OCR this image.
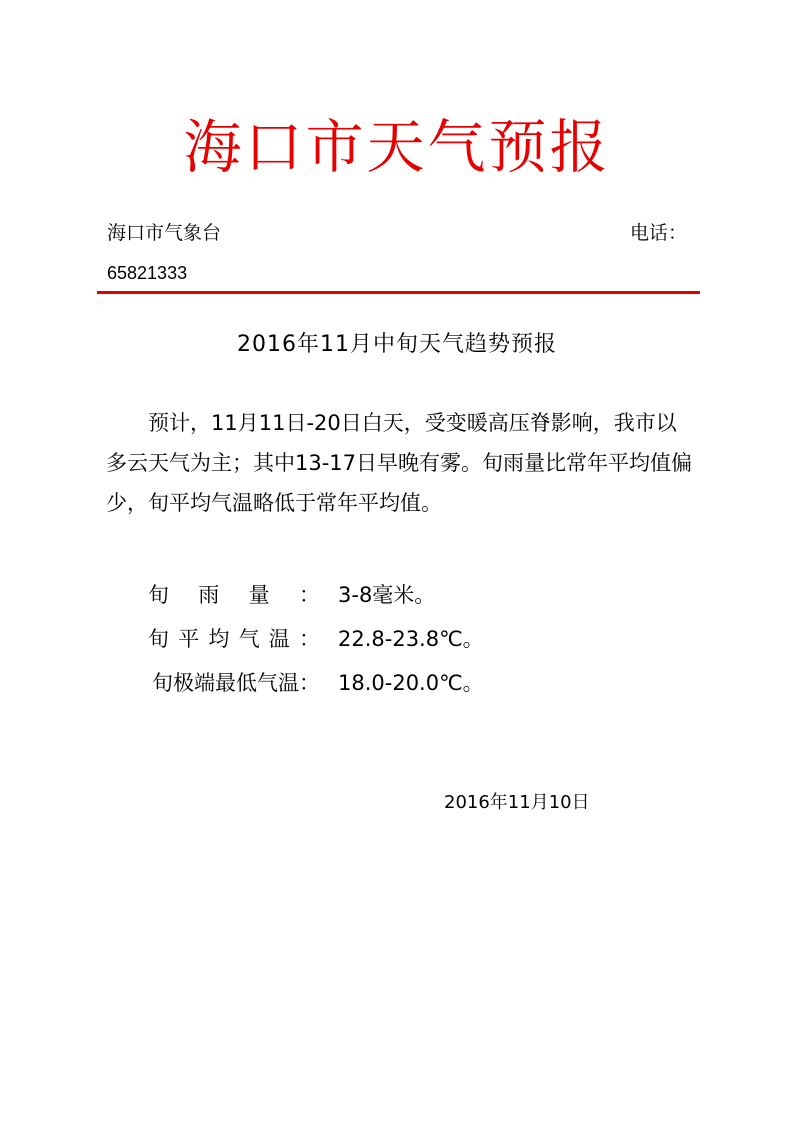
海口市天气预报
海口市气象台	电话：
65821333
2016年11月中旬天气趋势预报

预计，11月11日-20日白天，受变暖高压脊影响，我市以多云天气为主；其中13-17日早晚有雾。旬雨量比常年平均值偏少，旬平均气温略低于常年平均值。

旬 雨 量 ： 3-8毫米。
旬 平 均 气 温 ： 22.8-23.8℃。
旬极端最低气温： 18.0-20.0℃。
2016年11月10日
